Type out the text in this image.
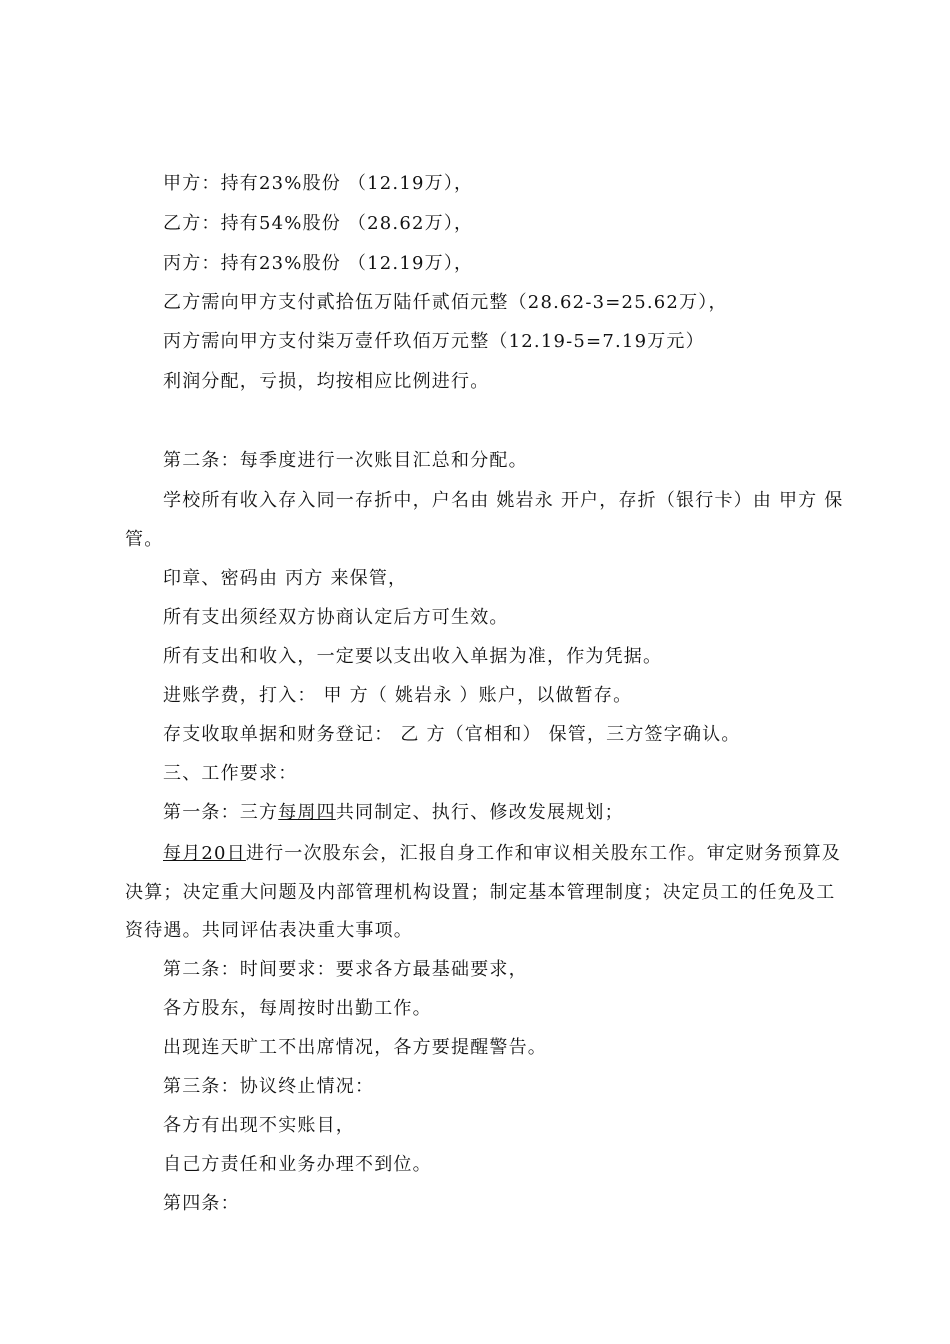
甲方：持有23%股份 （12.19万），
乙方：持有54%股份 （28.62万），
丙方：持有23%股份 （12.19万），
乙方需向甲方支付貳拾伍万陆仟贰佰元整（28.62-3=25.62万），
丙方需向甲方支付柒万壹仟玖佰万元整（12.19-5=7.19万元）
利润分配，亏损，均按相应比例进行。
第二条：每季度进行一次账目汇总和分配。
学校所有收入存入同一存折中，户名由 姚岩永 开户，存折（银行卡）由 甲方 保管。
印章、密码由 丙方 来保管，
所有支出须经双方协商认定后方可生效。
所有支出和收入，一定要以支出收入单据为准，作为凭据。
进账学费，打入： 甲 方（ 姚岩永 ）账户，以做暂存。
存支收取单据和财务登记： 乙 方（官相和） 保管，三方签字确认。
三、工作要求：
第一条：三方每周四共同制定、执行、修改发展规划；
每月20日进行一次股东会，汇报自身工作和审议相关股东工作。审定财务预算及决算；决定重大问题及内部管理机构设置；制定基本管理制度；决定员工的任免及工资待遇。共同评估表决重大事项。
第二条：时间要求：要求各方最基础要求，
各方股东，每周按时出勤工作。
出现连天旷工不出席情况，各方要提醒警告。
第三条：协议终止情况：
各方有出现不实账目，
自己方责任和业务办理不到位。
第四条：
